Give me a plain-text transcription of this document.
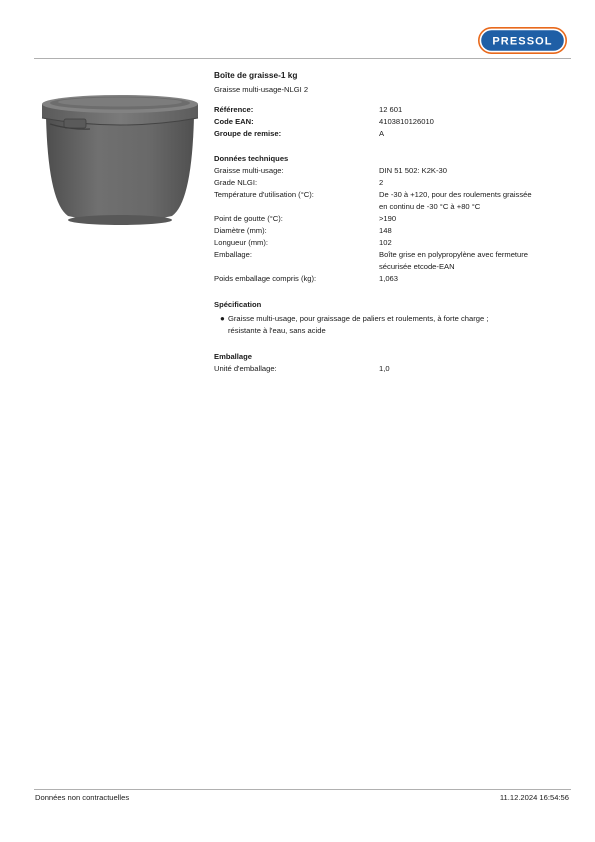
PRESSOL
Boîte de graisse-1 kg
Graisse multi-usage-NLGI 2
Référence:	12 601
Code EAN:	4103810126010
Groupe de remise:	A
Données techniques
Graisse multi-usage:	DIN 51 502: K2K-30
Grade NLGI:	2
Température d'utilisation (°C):	De -30 à +120, pour des roulements graissée
en continu de -30 °C à +80 °C
Point de goutte (°C):	>190
Diamètre (mm):	148
Longueur (mm):	102
Emballage:	Boîte grise en polypropylène avec fermeture
sécurisée etcode-EAN
Poids emballage compris (kg):	1,063
Spécification
● Graisse multi-usage, pour graissage de paliers et roulements, à forte charge ;
résistante à l'eau, sans acide
Emballage
Unité d'emballage:	1,0
Données non contractuelles	11.12.2024 16:54:56
